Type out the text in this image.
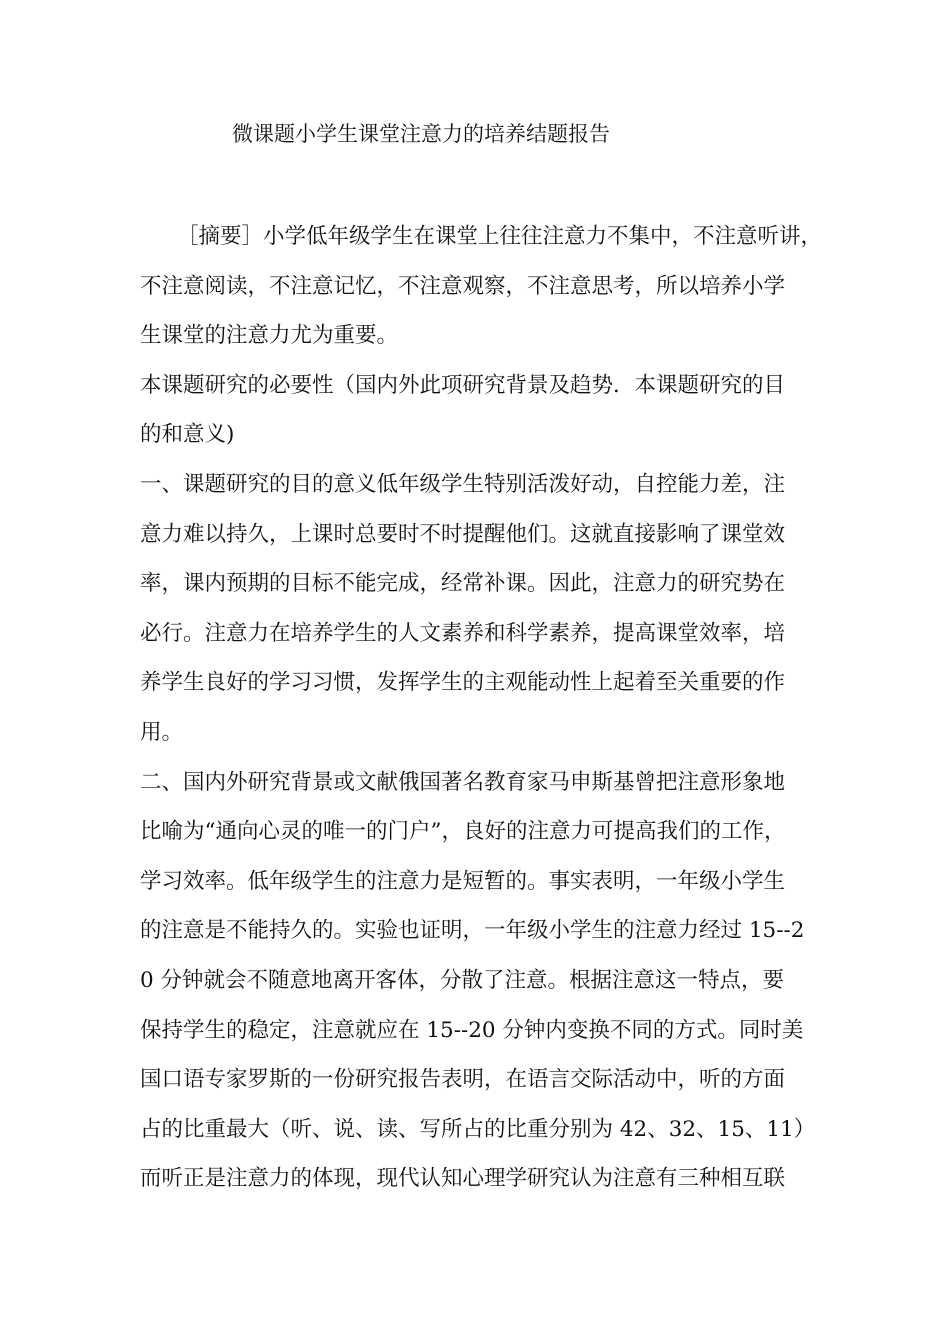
微课题小学生课堂注意力的培养结题报告
［摘要］小学低年级学生在课堂上往往注意力不集中，不注意听讲，
不注意阅读，不注意记忆，不注意观察，不注意思考，所以培养小学
生课堂的注意力尤为重要。
本课题研究的必要性（国内外此项研究背景及趋势．本课题研究的目
的和意义)
一、课题研究的目的意义低年级学生特别活泼好动，自控能力差，注
意力难以持久，上课时总要时不时提醒他们。这就直接影响了课堂效
率，课内预期的目标不能完成，经常补课。因此，注意力的研究势在
必行。注意力在培养学生的人文素养和科学素养，提高课堂效率，培
养学生良好的学习习惯，发挥学生的主观能动性上起着至关重要的作
用。
二、国内外研究背景或文献俄国著名教育家马申斯基曾把注意形象地
比喻为“通向心灵的唯一的门户”，良好的注意力可提高我们的工作，
学习效率。低年级学生的注意力是短暂的。事实表明，一年级小学生
的注意是不能持久的。实验也证明，一年级小学生的注意力经过 15--2
0 分钟就会不随意地离开客体，分散了注意。根据注意这一特点，要
保持学生的稳定，注意就应在 15--20 分钟内变换不同的方式。同时美
国口语专家罗斯的一份研究报告表明，在语言交际活动中，听的方面
占的比重最大（听、说、读、写所占的比重分别为 42、32、15、11）
而听正是注意力的体现，现代认知心理学研究认为注意有三种相互联
